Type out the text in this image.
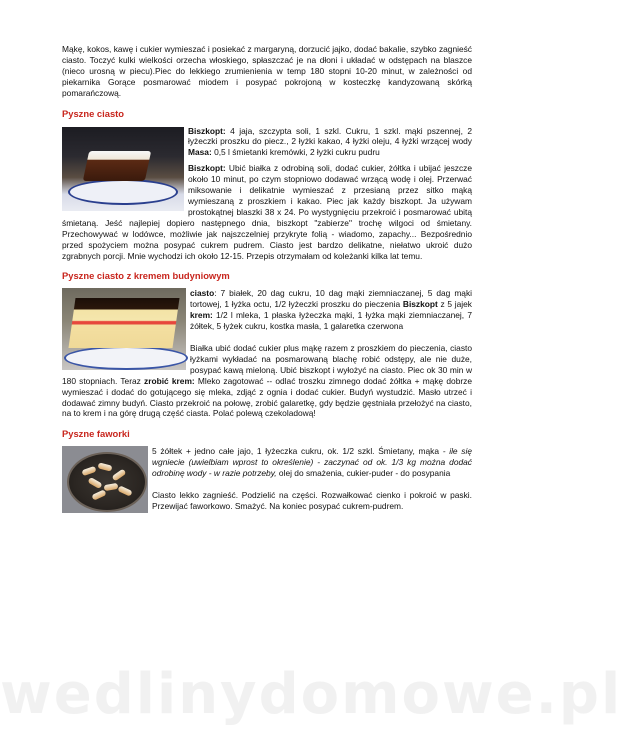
Mąkę, kokos, kawę i cukier wymieszać i posiekać z margaryną, dorzucić jajko, dodać bakalie, szybko zagnieść ciasto. Toczyć kulki wielkości orzecha włoskiego, spłaszczać je na dłoni i układać w odstępach na blaszce (nieco urosną w piecu).Piec do lekkiego zrumienienia w temp 180 stopni 10-20 minut, w zależności od piekarnika Gorące posmarować miodem i posypać pokrojoną w kosteczkę kandyzowaną skórką pomarańczową.

Pyszne ciasto

Biszkopt: 4 jaja, szczypta soli, 1 szkl. Cukru, 1 szkl. mąki pszennej, 2 łyżeczki proszku do piecz., 2 łyżki kakao, 4 łyżki oleju, 4 łyżki wrzącej wody Masa: 0,5 l śmietanki kremówki, 2 łyżki cukru pudru

Biszkopt: Ubić białka z odrobiną soli, dodać cukier, żółtka i ubijać jeszcze około 10 minut, po czym stopniowo dodawać wrzącą wodę i olej. Przerwać miksowanie i delikatnie wymieszać z przesianą przez sitko mąką wymieszaną z proszkiem i kakao. Piec jak każdy biszkopt. Ja używam prostokątnej blaszki 38 x 24. Po wystygnięciu przekroić i posmarować ubitą śmietaną. Jeść najlepiej dopiero następnego dnia, biszkopt "zabierze" trochę wilgoci od śmietany. Przechowywać w lodówce, możliwie jak najszczelniej przykryte folią - wiadomo, zapachy... Bezpośrednio przed spożyciem można posypać cukrem pudrem. Ciasto jest bardzo delikatne, niełatwo ukroić dużo zgrabnych porcji. Mnie wychodzi ich około 12-15. Przepis otrzymałam od koleżanki kilka lat temu.

Pyszne ciasto z kremem budyniowym

ciasto: 7 białek, 20 dag cukru, 10 dag mąki ziemniaczanej, 5 dag mąki tortowej, 1 łyżka octu, 1/2 łyżeczki proszku do pieczenia Biszkopt z 5 jajek krem: 1/2 l mleka, 1 płaska łyżeczka mąki, 1 łyżka mąki ziemniaczanej, 7 żółtek, 5 łyżek cukru, kostka masła, 1 galaretka czerwona

Białka ubić dodać cukier plus mąkę razem z proszkiem do pieczenia, ciasto łyżkami wykładać na posmarowaną blachę robić odstępy, ale nie duże, posypać kawą mieloną. Ubić biszkopt i wyłożyć na ciasto. Piec ok 30 min w 180 stopniach. Teraz zrobić krem: Mleko zagotować -- odlać troszku zimnego dodać żółtka + mąkę dobrze wymieszać i dodać do gotującego się mleka, zdjąć z ognia i dodać cukier. Budyń wystudzić. Masło utrzeć i dodawać zimny budyń. Ciasto przekroić na połowę, zrobić galaretkę, gdy będzie gęstniała przełożyć na ciasto, na to krem i na górę drugą część ciasta. Polać polewą czekoladową!

Pyszne faworki

5 żółtek + jedno całe jajo, 1 łyżeczka cukru, ok. 1/2 szkl. Śmietany, mąka - ile się wgniecie (uwielbiam wprost to określenie) - zaczynać od ok. 1/3 kg można dodać odrobinę wody - w razie potrzeby, olej do smażenia, cukier-puder - do posypania

Ciasto lekko zagnieść. Podzielić na części. Rozwałkować cienko i pokroić w paski. Przewijać faworkowo. Smażyć. Na koniec posypać cukrem-pudrem.

wedlinydomowe.pl
